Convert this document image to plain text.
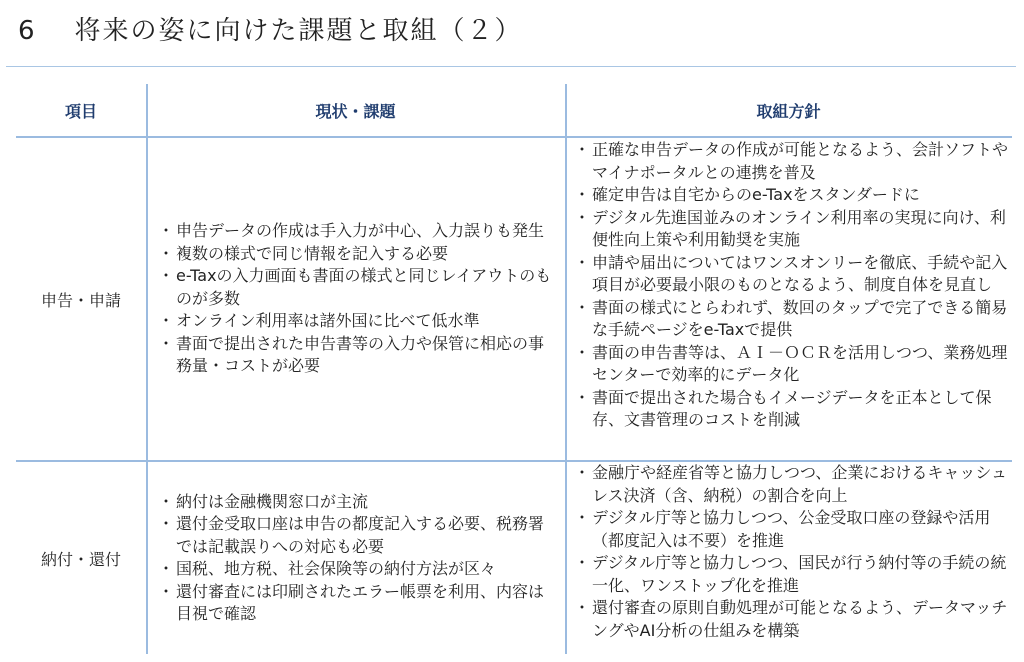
6 将来の姿に向けた課題と取組（２）
項目	現状・課題	取組方針
申告・申請
・ 申告データの作成は手入力が中心、入力誤りも発生
・ 複数の様式で同じ情報を記入する必要
・ e-Taxの入力画面も書面の様式と同じレイアウトのものが多数
・ オンライン利用率は諸外国に比べて低水準
・ 書面で提出された申告書等の入力や保管に相応の事務量・コストが必要
・ 正確な申告データの作成が可能となるよう、会計ソフトやマイナポータルとの連携を普及
・ 確定申告は自宅からのe-Taxをスタンダードに
・ デジタル先進国並みのオンライン利用率の実現に向け、利便性向上策や利用勧奨を実施
・ 申請や届出についてはワンスオンリーを徹底、手続や記入項目が必要最小限のものとなるよう、制度自体を見直し
・ 書面の様式にとらわれず、数回のタップで完了できる簡易な手続ページをe-Taxで提供
・ 書面の申告書等は、ＡＩ－ＯＣＲを活用しつつ、業務処理センターで効率的にデータ化
・ 書面で提出された場合もイメージデータを正本として保存、文書管理のコストを削減
納付・還付
・ 納付は金融機関窓口が主流
・ 還付金受取口座は申告の都度記入する必要、税務署では記載誤りへの対応も必要
・ 国税、地方税、社会保険等の納付方法が区々
・ 還付審査には印刷されたエラー帳票を利用、内容は目視で確認
・ 金融庁や経産省等と協力しつつ、企業におけるキャッシュレス決済（含、納税）の割合を向上
・ デジタル庁等と協力しつつ、公金受取口座の登録や活用（都度記入は不要）を推進
・ デジタル庁等と協力しつつ、国民が行う納付等の手続の統一化、ワンストップ化を推進
・ 還付審査の原則自動処理が可能となるよう、データマッチングやAI分析の仕組みを構築
